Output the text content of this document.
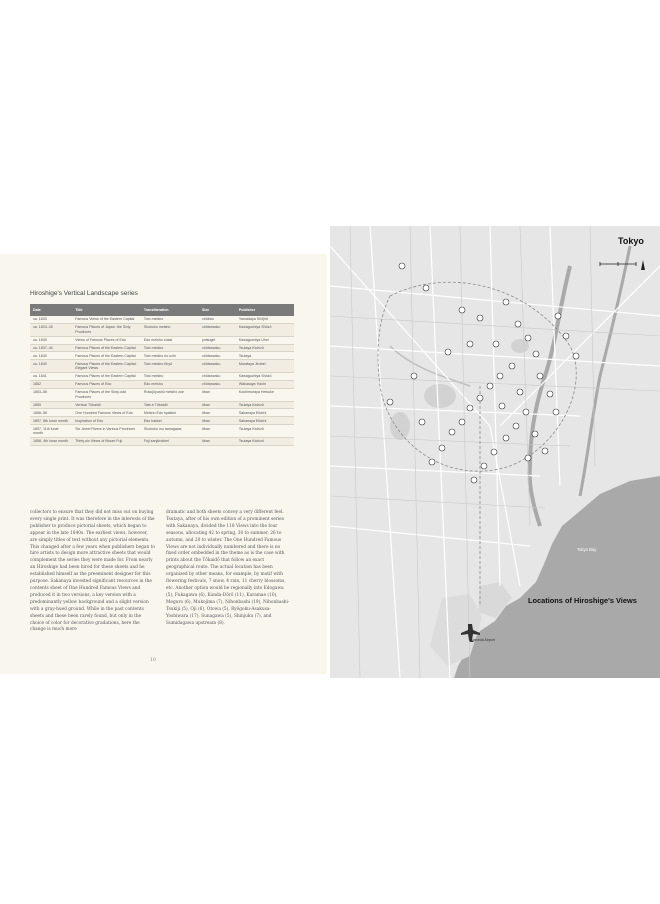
Hiroshige's Vertical Landscape series
Date	Title	Transliteration	Size	Publisher
ca. 1833	Famous Views of the Eastern Capital	Toto meisho	chūban	Yamadaya Shōjirō
ca. 1833–35	Famous Places of Japan: the Sixty Provinces	Shokoku meisho	chūtanzaku	Kawaguchiya Shōzō
ca. 1835	Views of Famous Places of Edo	Edo meisho zukai	yotsugiri	Kawaguchiya Uhei
ca. 1837–40	Famous Places of the Eastern Capital	Toto meisho	chūtanzaku	Tsutaya Kichizō
ca. 1840	Famous Places of the Eastern Capital	Toto meisho no uchi	chūtanzaku	Tsutaya
ca. 1840	Famous Places of the Eastern Capital: Elegant Views	Toto meisho fūryū	chūtanzaku	Murataya Jirobei
ca. 1841	Famous Places of the Eastern Capital	Toto meisho	chūtanzaku	Kawaguchiya Shōzō
1852	Famous Places of Edo	Edo meisho	chūtanzaku	Wakasaya Yoichi
1853–56	Famous Places of the Sixty-odd Provinces	Rokujūyoshū meisho zue	ōban	Koshimuraya Heisuke
1855	Vertical Tōkaidō	Tate-e Tōkaidō	ōban	Tsutaya Kichizō
1856–58	One Hundred Famous Views of Edo	Meisho Edo hyakkei	ōban	Sakanaya Eikichi
1857, 8th lunar month	Inspiration of Edo	Edo hakkei	ōban	Sakanaya Eikichi
1857, 11th lunar month	Six Jewel Rivers in Various Provinces	Shokoku mu tamagawa	ōban	Tsutaya Kichizō
1858, 4th lunar month	Thirty-six Views of Mount Fuji	Fuji sanjūrokkei	ōban	Tsutaya Kichizō
collectors to ensure that they did not miss out on buying every single print. It was therefore in the interests of the publisher to produce pictorial sheets, which began to appear in the late 1840s. The earliest views, however, are simply titles of text without any pictorial elements. This changed after a few years when publishers began to hire artists to design more attractive sheets that would complement the series they were made for. From nearly an Hiroshige had been hired for these sheets and he established himself as the preeminent designer for this purpose. Sakanaya invested significant resources in the contents sheet of One Hundred Famous Views and produced it in two versions, a key version with a predominantly yellow background and a slight version with a gray-hued ground. While in the past contents sheets and these been rarely found, but only in the choice of color for decorative gradations, here the change is much more
dramatic and both sheets convey a very different feel. Tsutaya, after of his own edition of a prominent series with Sakanaya, divided the 118 Views into the four seasons, allocating 42 to spring, 30 to summer, 26 to autumn, and 20 to winter. The One Hundred Famous Views are not individually numbered and there is no fixed order embedded in the theme as is the case with prints about the Tōkaidō that follow an exact geographical route. The actual location has been organized by other means, for example, by motif with flowering festivals, 7 snow, 4 rain, 11 cherry blossoms, etc. Another option would be regionally into Edogawa (5), Fukagawa (6), Kanda-Dōrō (11), Kuramae (10), Meguro (6), Mukojima (7), Nihonbashi (19), Nihonbashi-Tsukiji (5), Oji (6), Otowa (5), Ryōgoku-Asakusa-Yoshiwara (17), Sunagawa (5), Shinjuku (7), and Sumidagawa upstream (8).
10
Tokyo
Tokyo Bay
Haneda Airport
Locations of Hiroshige's Views
